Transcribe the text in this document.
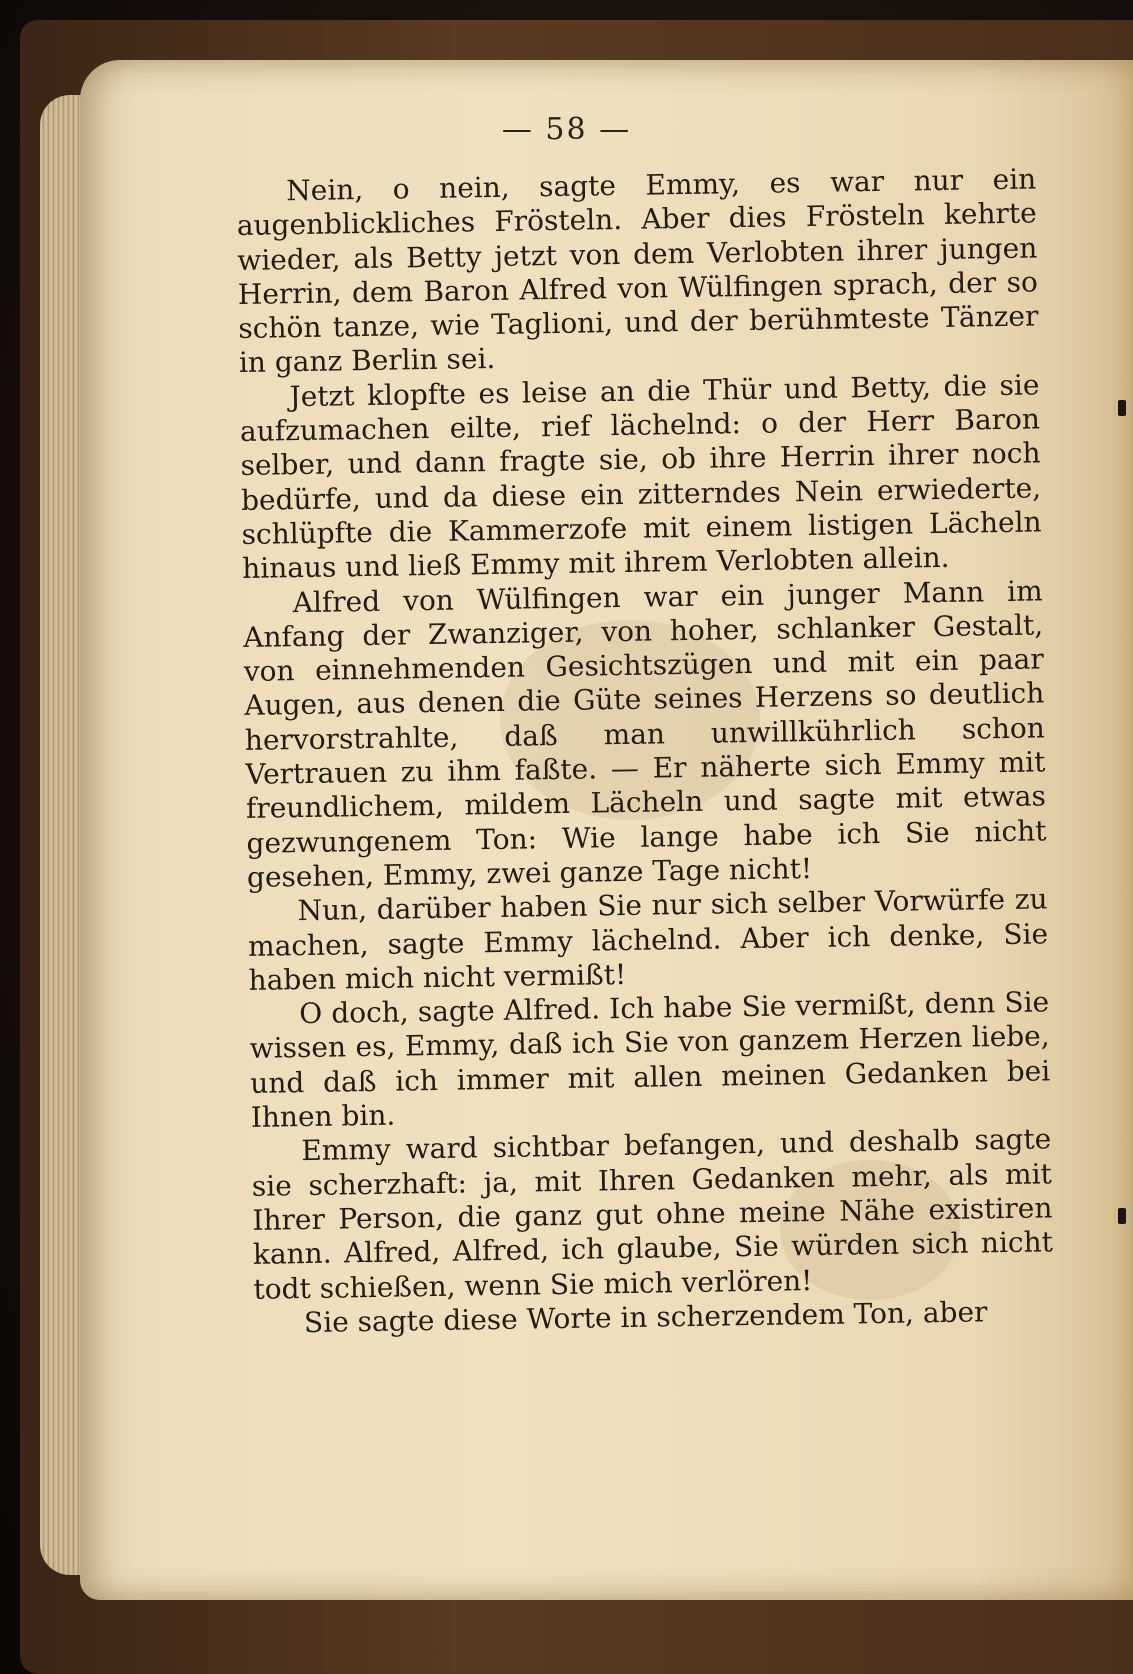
— 58 —

Nein, o nein, sagte Emmy, es war nur ein augenblickliches Frösteln. Aber dies Frösteln kehrte wieder, als Betty jetzt von dem Verlobten ihrer jungen Herrin, dem Baron Alfred von Wülfingen sprach, der so schön tanze, wie Taglioni, und der berühmteste Tänzer in ganz Berlin sei.

Jetzt klopfte es leise an die Thür und Betty, die sie aufzumachen eilte, rief lächelnd: o der Herr Baron selber, und dann fragte sie, ob ihre Herrin ihrer noch bedürfe, und da diese ein zitterndes Nein erwiederte, schlüpfte die Kammerzofe mit einem listigen Lächeln hinaus und ließ Emmy mit ihrem Verlobten allein.

Alfred von Wülfingen war ein junger Mann im Anfang der Zwanziger, von hoher, schlanker Gestalt, von einnehmenden Gesichtszügen und mit ein paar Augen, aus denen die Güte seines Herzens so deutlich hervorstrahlte, daß man unwillkührlich schon Vertrauen zu ihm faßte. — Er näherte sich Emmy mit freundlichem, mildem Lächeln und sagte mit etwas gezwungenem Ton: Wie lange habe ich Sie nicht gesehen, Emmy, zwei ganze Tage nicht!

Nun, darüber haben Sie nur sich selber Vorwürfe zu machen, sagte Emmy lächelnd. Aber ich denke, Sie haben mich nicht vermißt!

O doch, sagte Alfred. Ich habe Sie vermißt, denn Sie wissen es, Emmy, daß ich Sie von ganzem Herzen liebe, und daß ich immer mit allen meinen Gedanken bei Ihnen bin.

Emmy ward sichtbar befangen, und deshalb sagte sie scherzhaft: ja, mit Ihren Gedanken mehr, als mit Ihrer Person, die ganz gut ohne meine Nähe existiren kann. Alfred, Alfred, ich glaube, Sie würden sich nicht todt schießen, wenn Sie mich verlören!

Sie sagte diese Worte in scherzendem Ton, aber
